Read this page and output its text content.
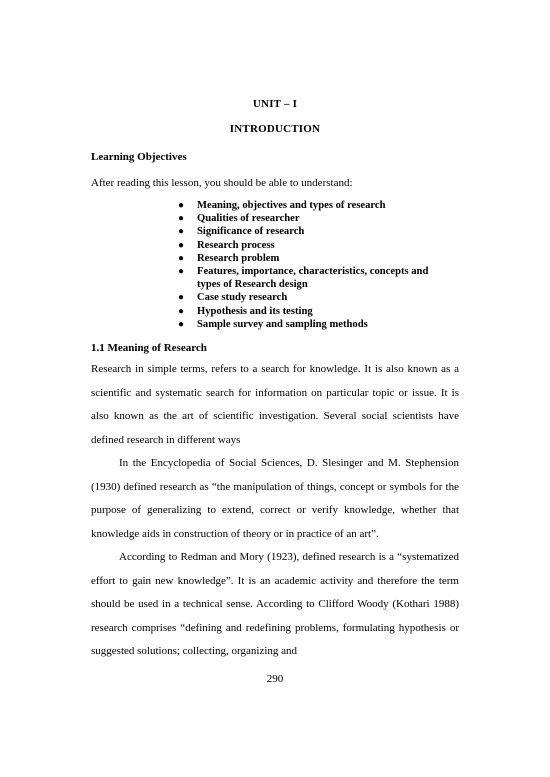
UNIT – I
INTRODUCTION
Learning Objectives
After reading this lesson, you should be able to understand:
● Meaning, objectives and types of research
● Qualities of researcher
● Significance of research
● Research process
● Research problem
● Features, importance, characteristics, concepts and types of Research design
● Case study research
● Hypothesis and its testing
● Sample survey and sampling methods
1.1 Meaning of Research

Research in simple terms, refers to a search for knowledge. It is also known as a scientific and systematic search for information on particular topic or issue. It is also known as the art of scientific investigation. Several social scientists have defined research in different ways

In the Encyclopedia of Social Sciences, D. Slesinger and M. Stephension (1930) defined research as “the manipulation of things, concept or symbols for the purpose of generalizing to extend, correct or verify knowledge, whether that knowledge aids in construction of theory or in practice of an art”.

According to Redman and Mory (1923), defined research is a “systematized effort to gain new knowledge”. It is an academic activity and therefore the term should be used in a technical sense. According to Clifford Woody (Kothari 1988) research comprises “defining and redefining problems, formulating hypothesis or suggested solutions; collecting, organizing and

290
